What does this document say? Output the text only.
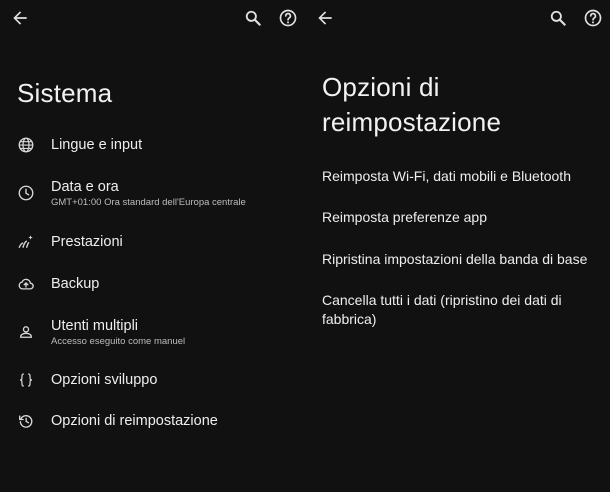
Sistema
Lingue e input
Data e ora
GMT+01:00 Ora standard dell'Europa centrale
Prestazioni
Backup
Utenti multipli
Accesso eseguito come manuel
Opzioni sviluppo
Opzioni di reimpostazione
Opzioni di reimpostazione
Reimposta Wi-Fi, dati mobili e Bluetooth
Reimposta preferenze app
Ripristina impostazioni della banda di base
Cancella tutti i dati (ripristino dei dati di fabbrica)
